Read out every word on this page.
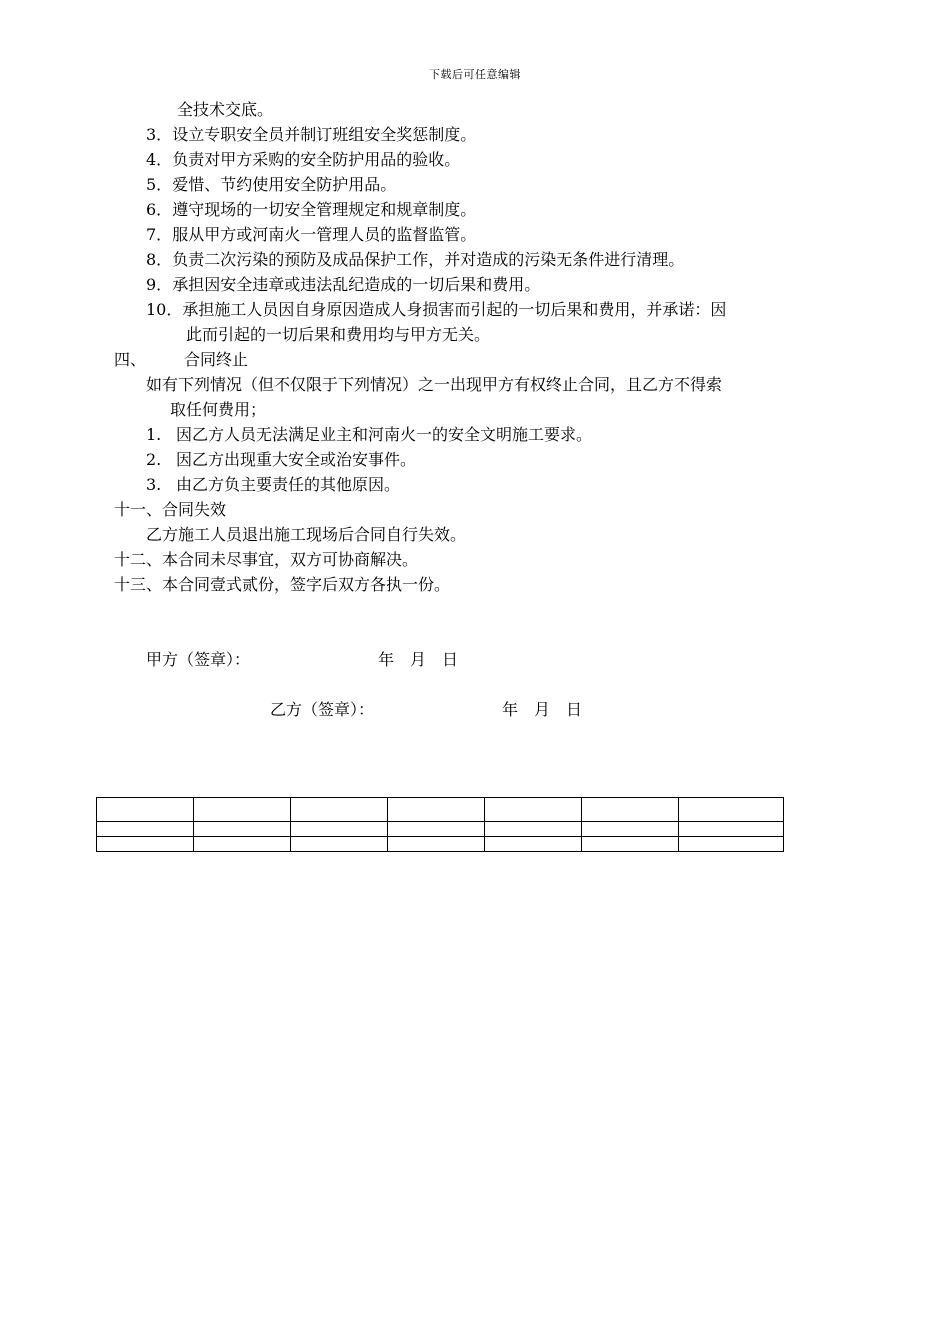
下载后可任意编辑
全技术交底。
3．设立专职安全员并制订班组安全奖惩制度。
4．负责对甲方采购的安全防护用品的验收。
5．爱惜、节约使用安全防护用品。
6．遵守现场的一切安全管理规定和规章制度。
7．服从甲方或河南火一管理人员的监督监管。
8．负责二次污染的预防及成品保护工作，并对造成的污染无条件进行清理。
9．承担因安全违章或违法乱纪造成的一切后果和费用。
10．承担施工人员因自身原因造成人身损害而引起的一切后果和费用，并承诺：因
此而引起的一切后果和费用均与甲方无关。
四、 合同终止
如有下列情况（但不仅限于下列情况）之一出现甲方有权终止合同，且乙方不得索
取任何费用；
1. 因乙方人员无法满足业主和河南火一的安全文明施工要求。
2. 因乙方出现重大安全或治安事件。
3. 由乙方负主要责任的其他原因。
十一、合同失效
乙方施工人员退出施工现场后合同自行失效。
十二、本合同未尽事宜，双方可协商解决。
十三、本合同壹式贰份，签字后双方各执一份。
甲方（签章）：	年 月 日
乙方（签章）：	年 月 日
